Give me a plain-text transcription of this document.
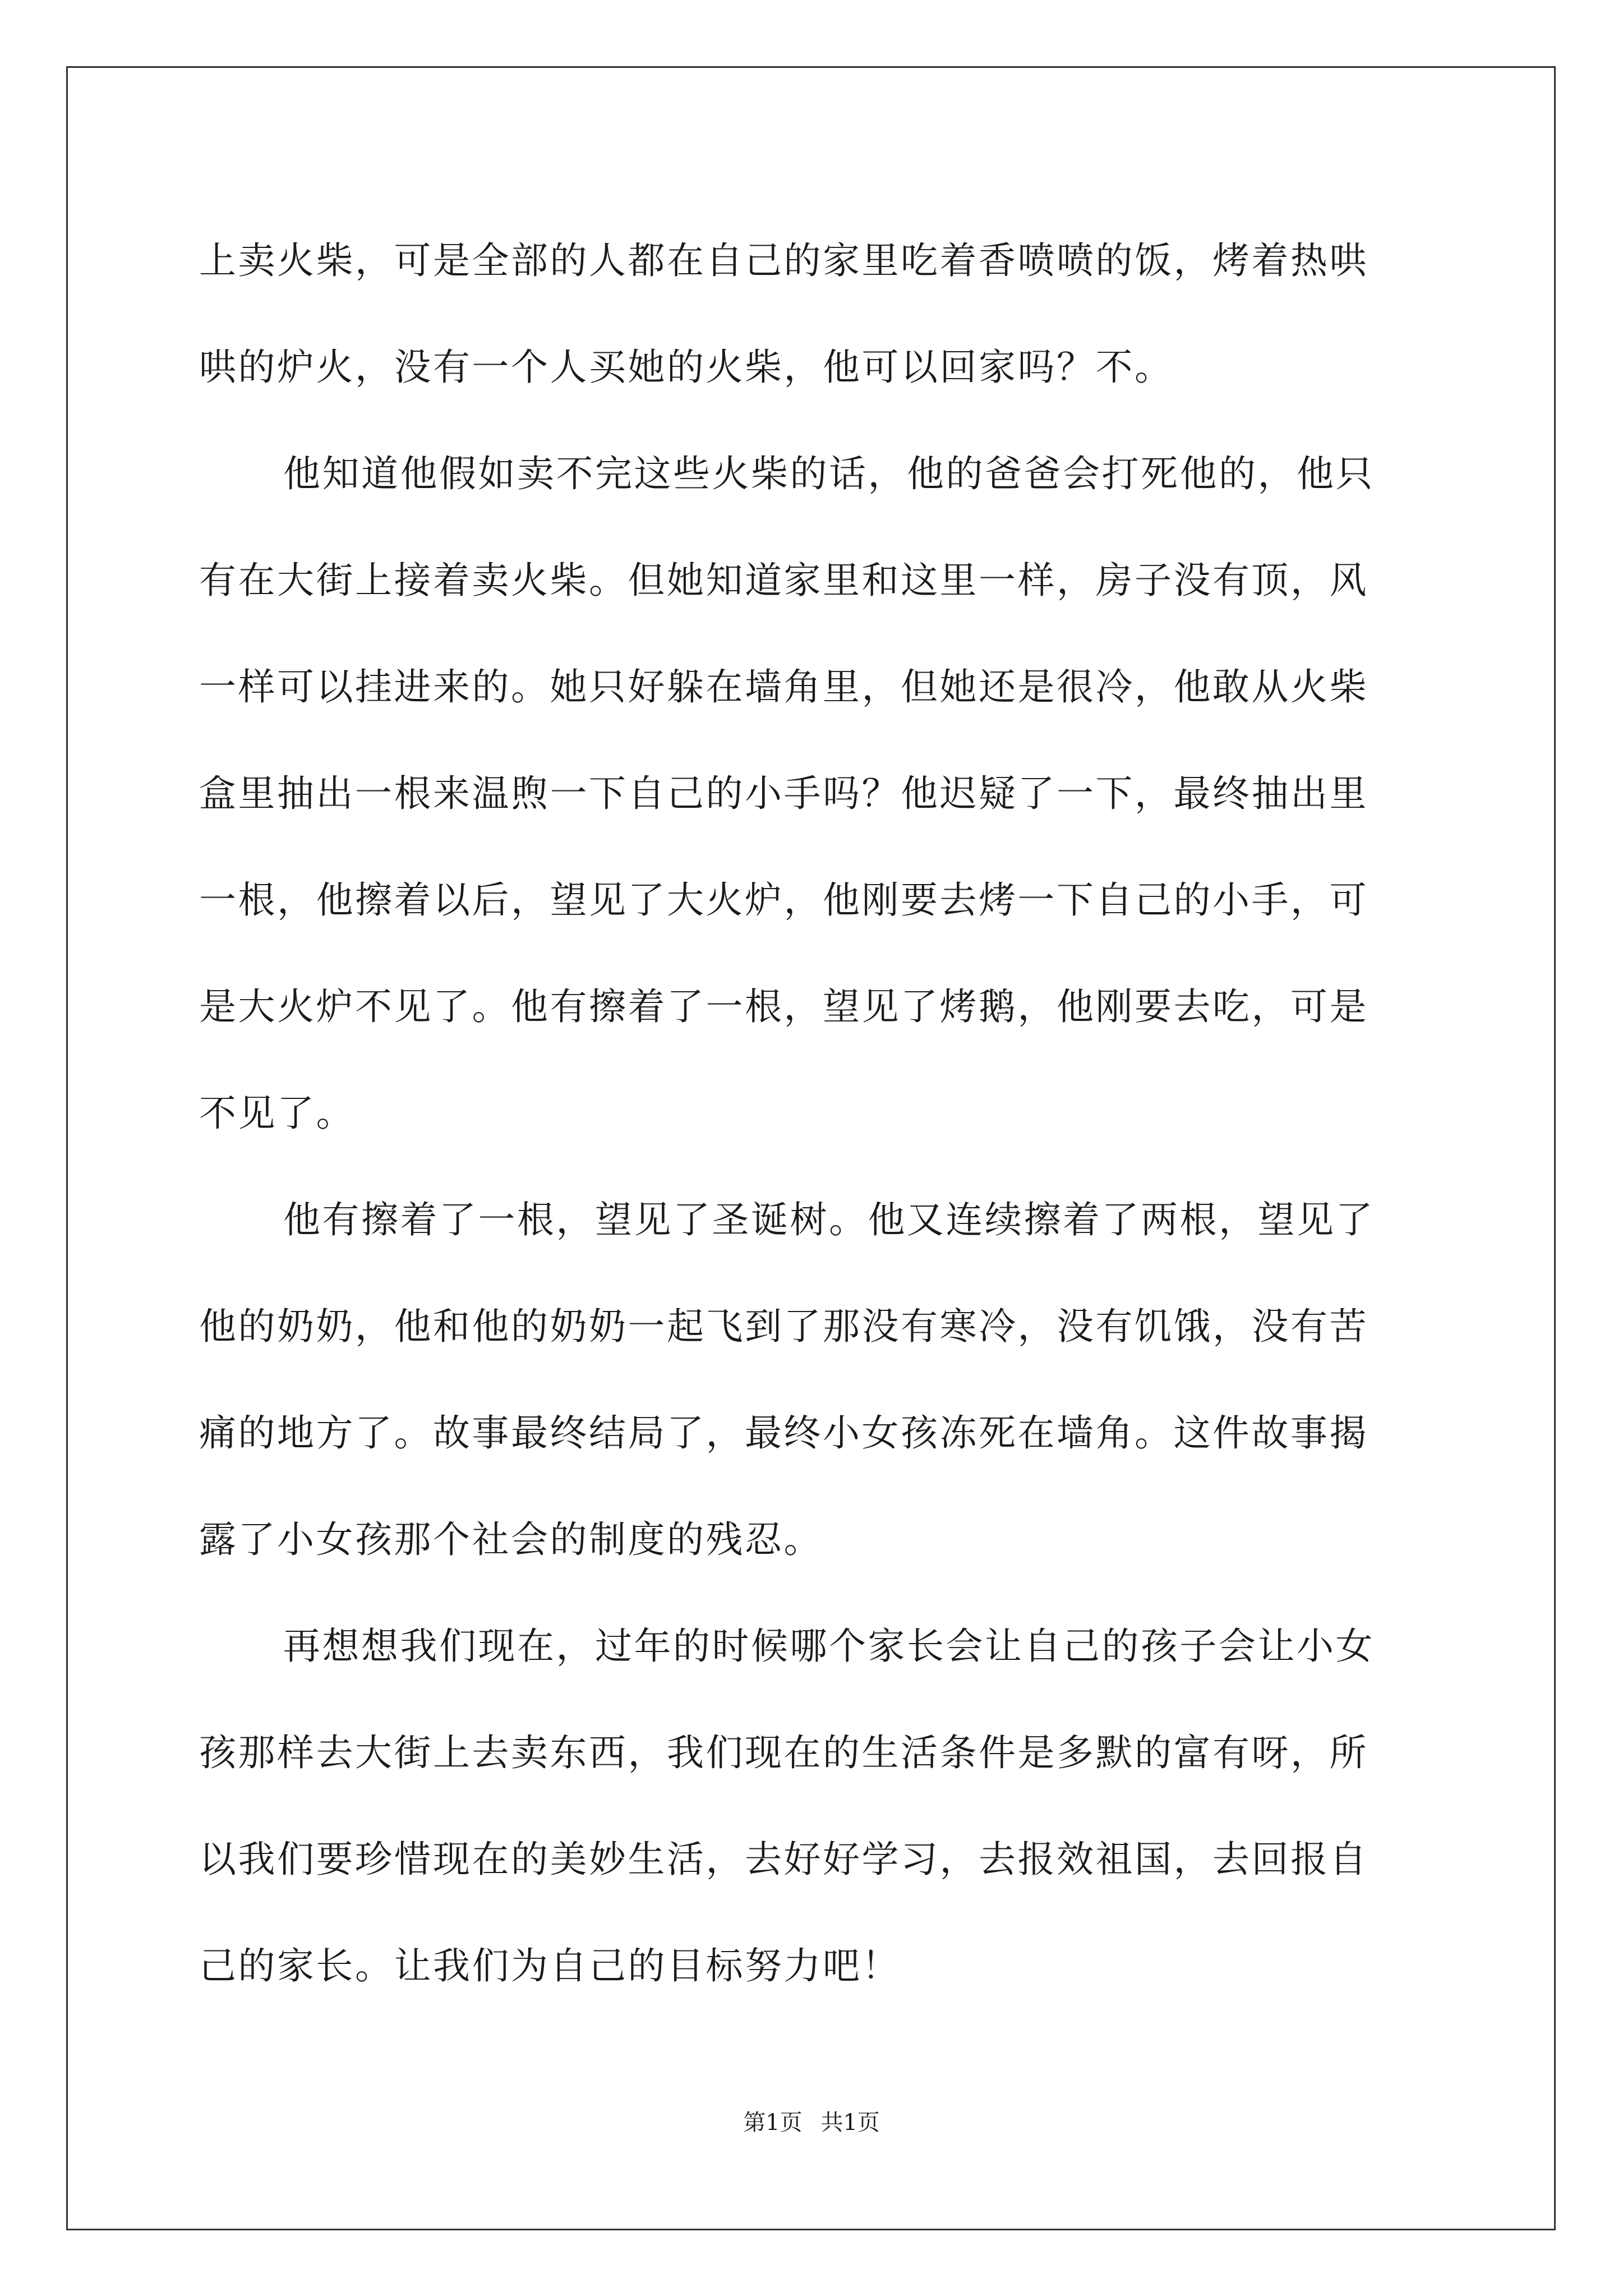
上卖火柴，可是全部的人都在自己的家里吃着香喷喷的饭，烤着热哄
哄的炉火，没有一个人买她的火柴，他可以回家吗？不。
他知道他假如卖不完这些火柴的话，他的爸爸会打死他的，他只
有在大街上接着卖火柴。但她知道家里和这里一样，房子没有顶，风
一样可以挂进来的。她只好躲在墙角里，但她还是很冷，他敢从火柴
盒里抽出一根来温煦一下自己的小手吗？他迟疑了一下，最终抽出里
一根，他擦着以后，望见了大火炉，他刚要去烤一下自己的小手，可
是大火炉不见了。他有擦着了一根，望见了烤鹅，他刚要去吃，可是
不见了。
他有擦着了一根，望见了圣诞树。他又连续擦着了两根，望见了
他的奶奶，他和他的奶奶一起飞到了那没有寒冷，没有饥饿，没有苦
痛的地方了。故事最终结局了，最终小女孩冻死在墙角。这件故事揭
露了小女孩那个社会的制度的残忍。
再想想我们现在，过年的时候哪个家长会让自己的孩子会让小女
孩那样去大街上去卖东西，我们现在的生活条件是多默的富有呀，所
以我们要珍惜现在的美妙生活，去好好学习，去报效祖国，去回报自
己的家长。让我们为自己的目标努力吧！
第1页 共1页
